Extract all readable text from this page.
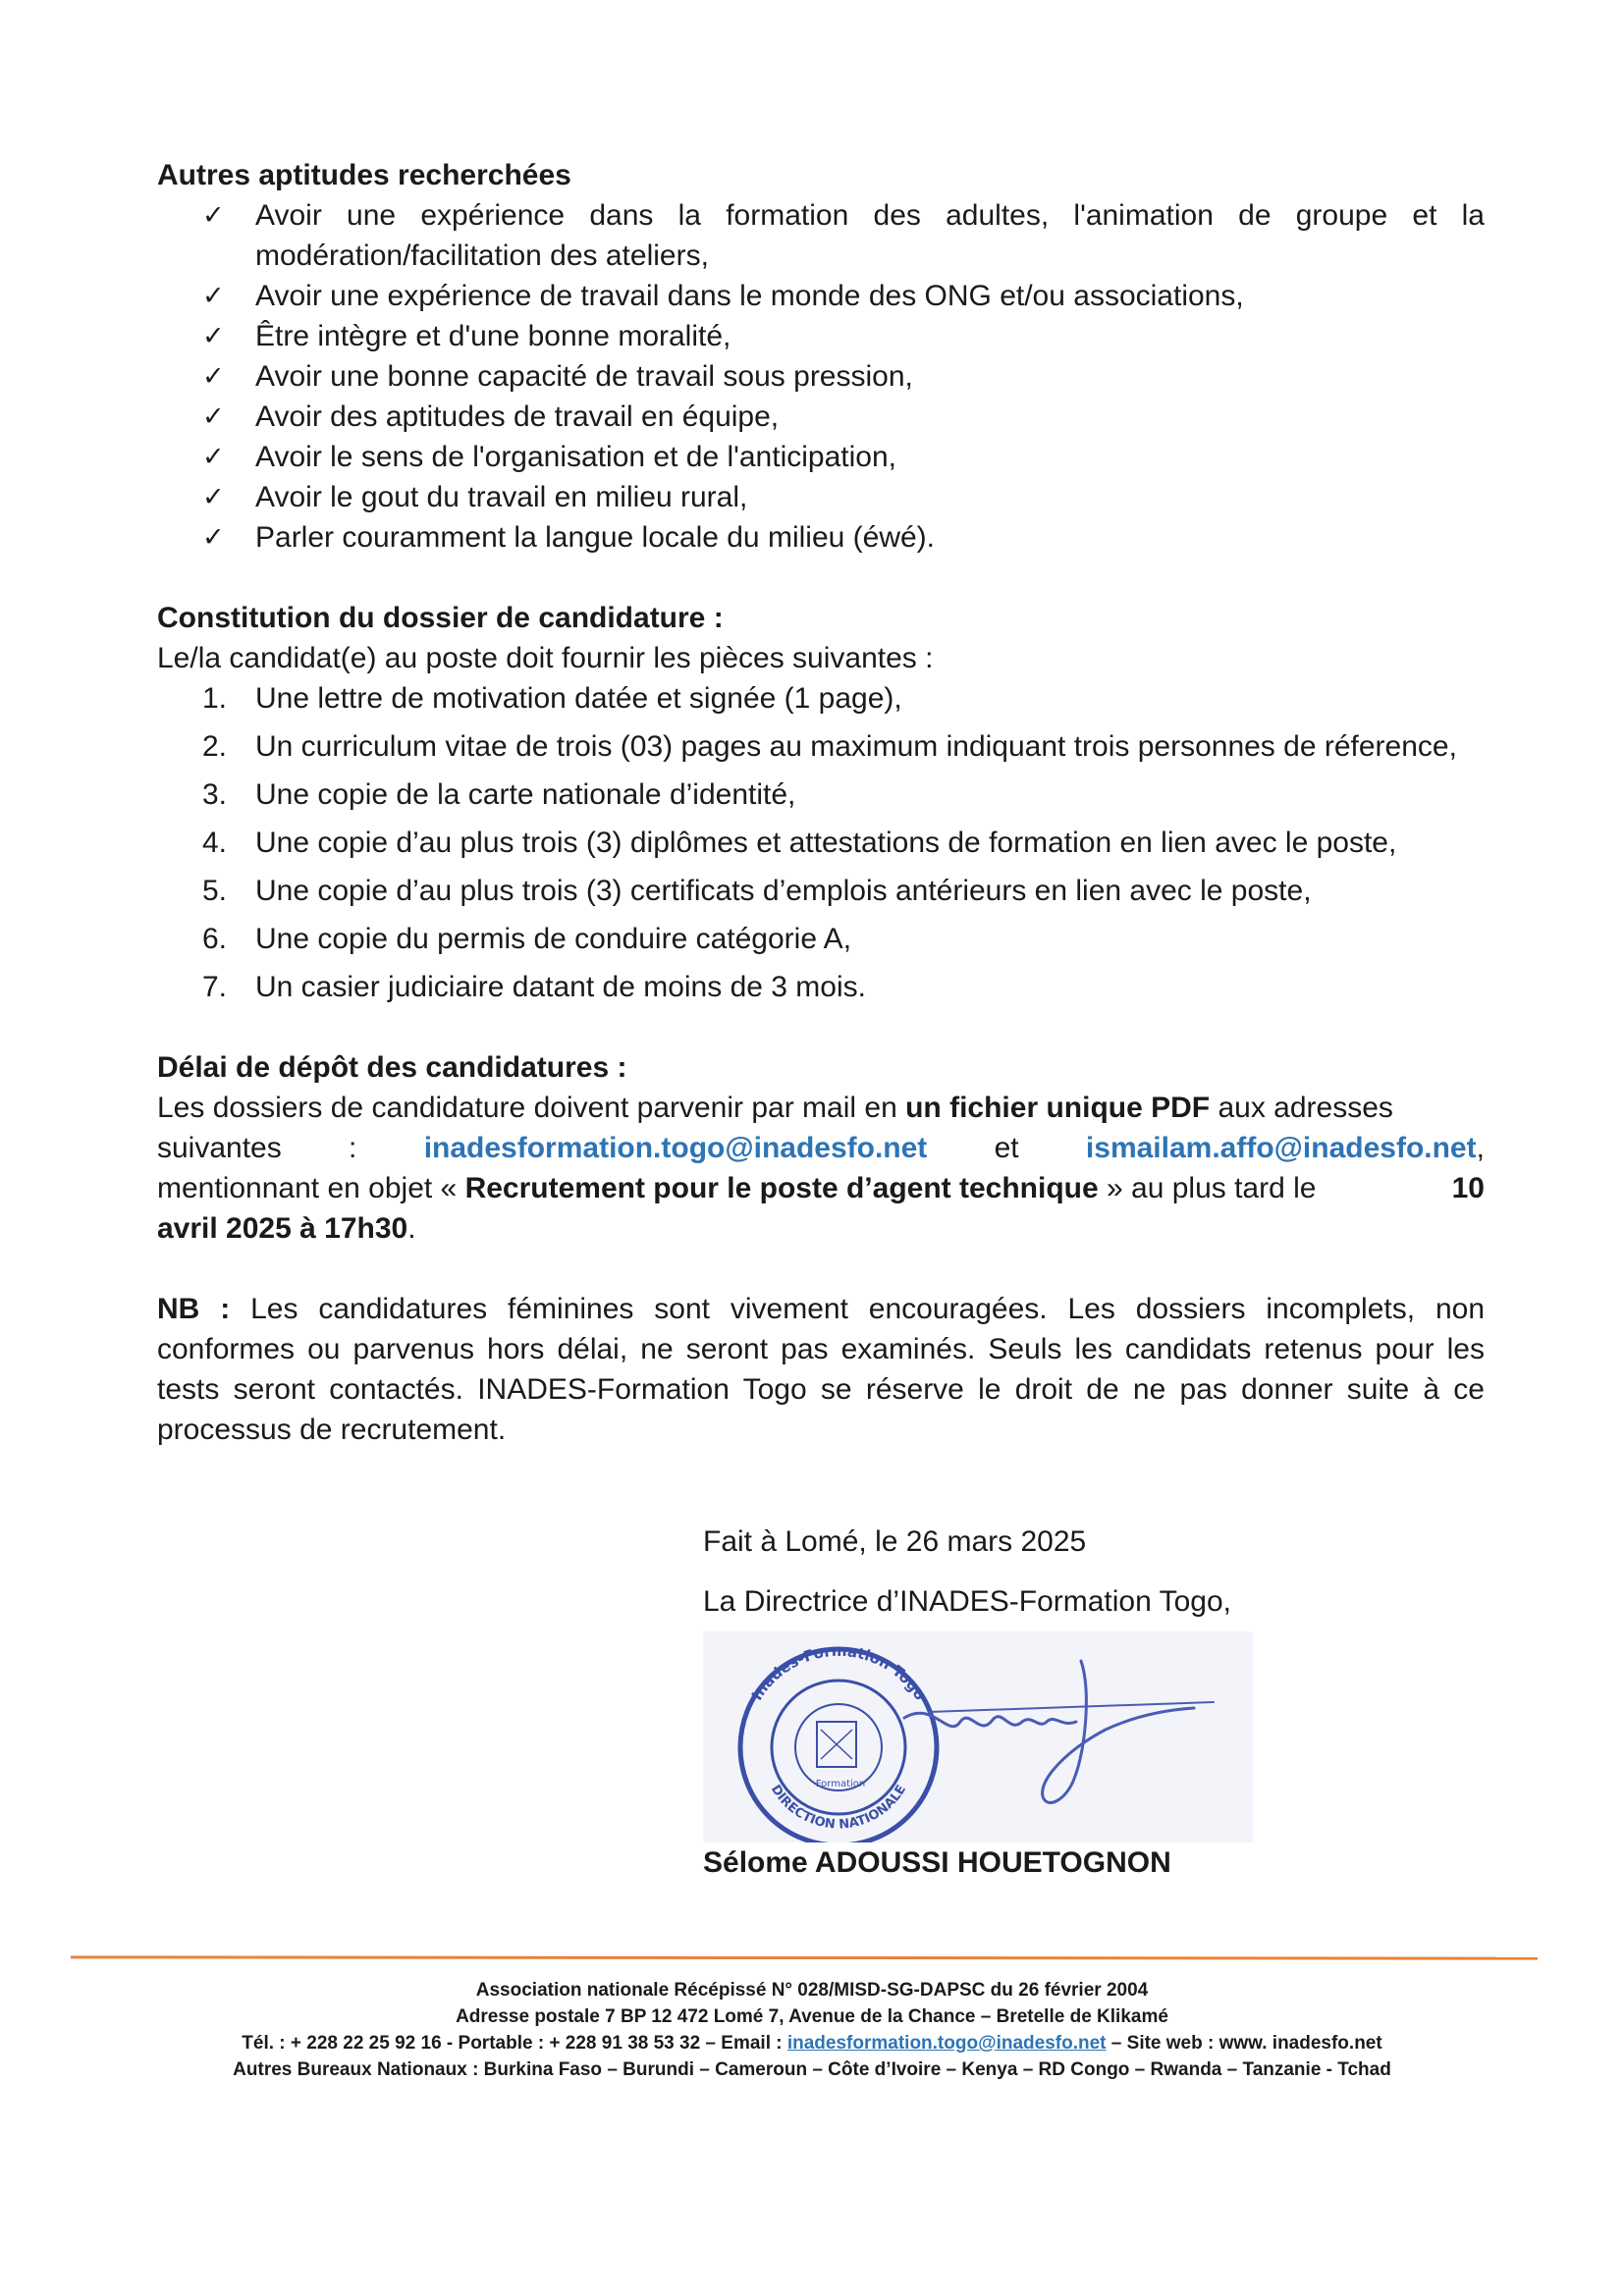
Autres aptitudes recherchées

✓ Avoir une expérience dans la formation des adultes, l'animation de groupe et la modération/facilitation des ateliers,
✓ Avoir une expérience de travail dans le monde des ONG et/ou associations,
✓ Être intègre et d'une bonne moralité,
✓ Avoir une bonne capacité de travail sous pression,
✓ Avoir des aptitudes de travail en équipe,
✓ Avoir le sens de l'organisation et de l'anticipation,
✓ Avoir le gout du travail en milieu rural,
✓ Parler couramment la langue locale du milieu (éwé).

Constitution du dossier de candidature :

Le/la candidat(e) au poste doit fournir les pièces suivantes :

1. Une lettre de motivation datée et signée (1 page),
2. Un curriculum vitae de trois (03) pages au maximum indiquant trois personnes de réference,
3. Une copie de la carte nationale d’identité,
4. Une copie d’au plus trois (3) diplômes et attestations de formation en lien avec le poste,
5. Une copie d’au plus trois (3) certificats d’emplois antérieurs en lien avec le poste,
6. Une copie du permis de conduire catégorie A,
7. Un casier judiciaire datant de moins de 3 mois.

Délai de dépôt des candidatures :

Les dossiers de candidature doivent parvenir par mail en un fichier unique PDF aux adresses

suivantes : inadesformation.togo@inadesfo.net et ismailam.affo@inadesfo.net,
mentionnant en objet « Recrutement pour le poste d’agent technique » au plus tard le	10

avril 2025 à 17h30.

NB : Les candidatures féminines sont vivement encouragées. Les dossiers incomplets, non conformes ou parvenus hors délai, ne seront pas examinés. Seuls les candidats retenus pour les tests seront contactés. INADES-Formation Togo se réserve le droit de ne pas donner suite à ce processus de recrutement.

Fait à Lomé, le 26 mars 2025

La Directrice d’INADES-Formation Togo,

Inades-Formation Togo
DIRECTION NATIONALE
Formation

Sélome ADOUSSI HOUETOGNON

Association nationale Récépissé N° 028/MISD-SG-DAPSC du 26 février 2004

Adresse postale 7 BP 12 472 Lomé 7, Avenue de la Chance – Bretelle de Klikamé

Tél. : + 228 22 25 92 16 - Portable : + 228 91 38 53 32 – Email : inadesformation.togo@inadesfo.net – Site web : www. inadesfo.net

Autres Bureaux Nationaux : Burkina Faso – Burundi – Cameroun – Côte d’Ivoire – Kenya – RD Congo – Rwanda – Tanzanie - Tchad
